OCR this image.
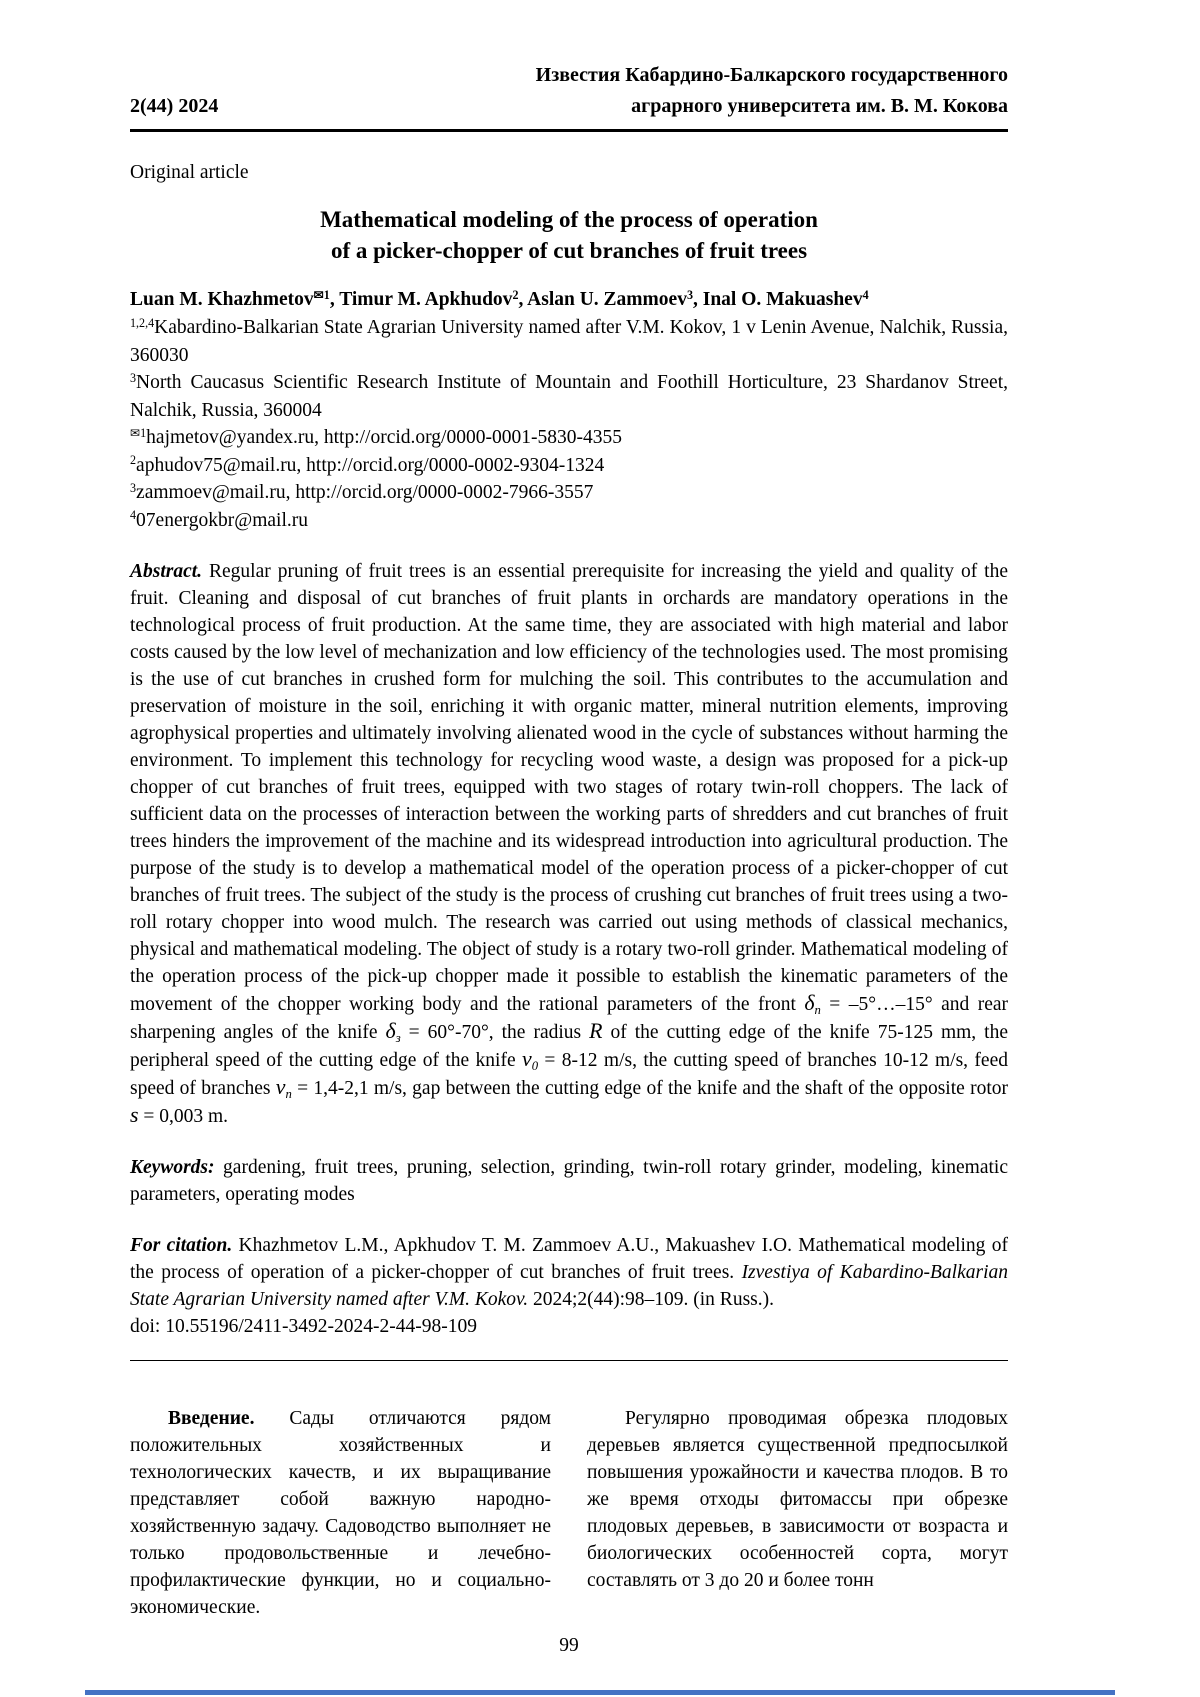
2(44) 2024
Известия Кабардино-Балкарского государственного
аграрного университета им. В. М. Кокова
Original article
Mathematical modeling of the process of operation
of a picker-chopper of cut branches of fruit trees
Luan M. Khazhmetov$^{✉1}$, Timur M. Apkhudov$^2$, Aslan U. Zammoev$^3$, Inal O. Makuashev$^4$
$^{1,2,4}$Kabardino-Balkarian State Agrarian University named after V.M. Kokov, 1 v Lenin Avenue, Nalchik, Russia, 360030
$^3$North Caucasus Scientific Research Institute of Mountain and Foothill Horticulture, 23 Shardanov Street, Nalchik, Russia, 360004
$^{✉1}$hajmetov@yandex.ru, http://orcid.org/0000-0001-5830-4355
$^2$aphudov75@mail.ru, http://orcid.org/0000-0002-9304-1324
$^3$zammoev@mail.ru, http://orcid.org/0000-0002-7966-3557
$^4$07energokbr@mail.ru
Abstract. Regular pruning of fruit trees is an essential prerequisite for increasing the yield and quality of the fruit. Cleaning and disposal of cut branches of fruit plants in orchards are mandatory operations in the technological process of fruit production. At the same time, they are associated with high material and labor costs caused by the low level of mechanization and low efficiency of the technologies used. The most promising is the use of cut branches in crushed form for mulching the soil. This contributes to the accumulation and preservation of moisture in the soil, enriching it with organic matter, mineral nutrition elements, improving agrophysical properties and ultimately involving alienated wood in the cycle of substances without harming the environment. To implement this technology for recycling wood waste, a design was proposed for a pick-up chopper of cut branches of fruit trees, equipped with two stages of rotary twin-roll choppers. The lack of sufficient data on the processes of interaction between the working parts of shredders and cut branches of fruit trees hinders the improvement of the machine and its widespread introduction into agricultural production. The purpose of the study is to develop a mathematical model of the operation process of a picker-chopper of cut branches of fruit trees. The subject of the study is the process of crushing cut branches of fruit trees using a two-roll rotary chopper into wood mulch. The research was carried out using methods of classical mechanics, physical and mathematical modeling. The object of study is a rotary two-roll grinder. Mathematical modeling of the operation process of the pick-up chopper made it possible to establish the kinematic parameters of the movement of the chopper working body and the rational parameters of the front δn = –5°…–15° and rear sharpening angles of the knife δз = 60°-70°, the radius R of the cutting edge of the knife 75-125 mm, the peripheral speed of the cutting edge of the knife v0 = 8-12 m/s, the cutting speed of branches 10-12 m/s, feed speed of branches vn = 1,4-2,1 m/s, gap between the cutting edge of the knife and the shaft of the opposite rotor s = 0,003 m.
Keywords: gardening, fruit trees, pruning, selection, grinding, twin-roll rotary grinder, modeling, kinematic parameters, operating modes
For citation. Khazhmetov L.M., Apkhudov T. M. Zammoev A.U., Makuashev I.O. Mathematical modeling of the process of operation of a picker-chopper of cut branches of fruit trees. Izvestiya of Kabardino-Balkarian State Agrarian University named after V.M. Kokov. 2024;2(44):98–109. (in Russ.).
doi: 10.55196/2411-3492-2024-2-44-98-109

Введение. Сады отличаются рядом положительных хозяйственных и технологических качеств, и их выращивание представляет собой важную народно-хозяйственную задачу. Садоводство выполняет не только продовольственные и лечебно-профилактические функции, но и социально-экономические.

Регулярно проводимая обрезка плодовых деревьев является существенной предпосылкой повышения урожайности и качества плодов. В то же время отходы фитомассы при обрезке плодовых деревьев, в зависимости от возраста и биологических особенностей сорта, могут составлять от 3 до 20 и более тонн

99
